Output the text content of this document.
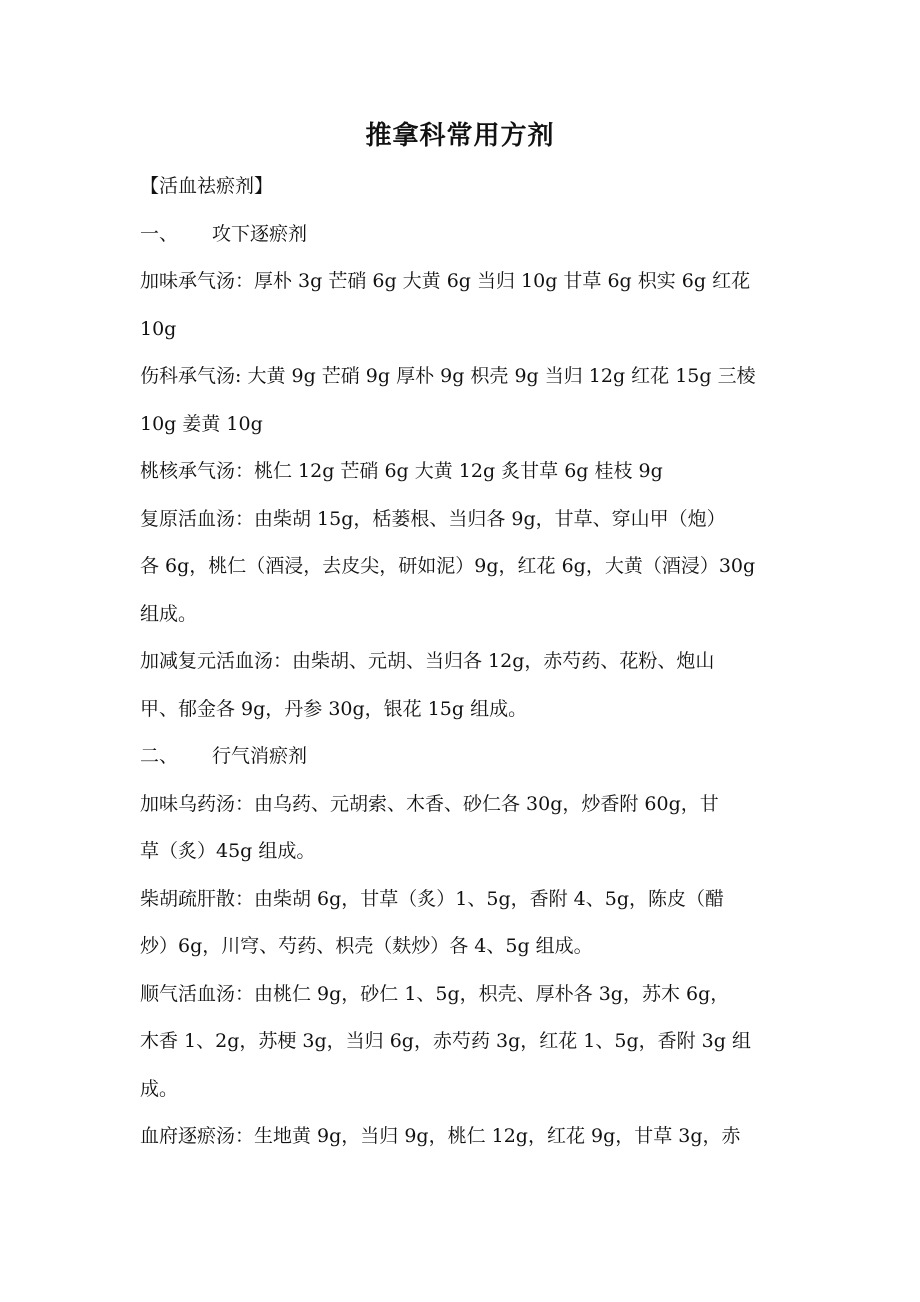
推拿科常用方剂
【活血祛瘀剂】
一、 攻下逐瘀剂
加味承气汤：厚朴 3g 芒硝 6g 大黄 6g 当归 10g 甘草 6g 枳实 6g 红花
10g
伤科承气汤: 大黄 9g 芒硝 9g 厚朴 9g 枳壳 9g 当归 12g 红花 15g 三棱
10g 姜黄 10g
桃核承气汤：桃仁 12g 芒硝 6g 大黄 12g 炙甘草 6g 桂枝 9g
复原活血汤：由柴胡 15g，栝蒌根、当归各 9g，甘草、穿山甲（炮）
各 6g，桃仁（酒浸，去皮尖，研如泥）9g，红花 6g，大黄（酒浸）30g
组成。
加减复元活血汤：由柴胡、元胡、当归各 12g，赤芍药、花粉、炮山
甲、郁金各 9g，丹参 30g，银花 15g 组成。
二、 行气消瘀剂
加味乌药汤：由乌药、元胡索、木香、砂仁各 30g，炒香附 60g，甘
草（炙）45g 组成。
柴胡疏肝散：由柴胡 6g，甘草（炙）1、5g，香附 4、5g，陈皮（醋
炒）6g，川穹、芍药、枳壳（麸炒）各 4、5g 组成。
顺气活血汤：由桃仁 9g，砂仁 1、5g，枳壳、厚朴各 3g，苏木 6g，
木香 1、2g，苏梗 3g，当归 6g，赤芍药 3g，红花 1、5g，香附 3g 组
成。
血府逐瘀汤：生地黄 9g，当归 9g，桃仁 12g，红花 9g，甘草 3g，赤
